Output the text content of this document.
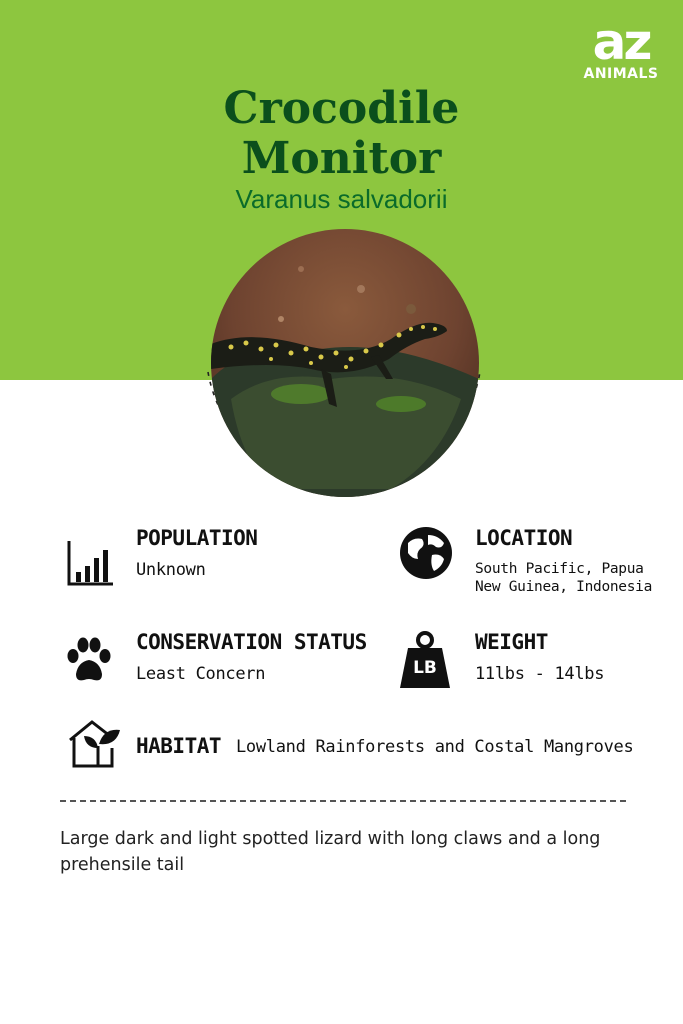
az
ANIMALS
Crocodile
Monitor
Varanus salvadorii
POPULATION
Unknown
LOCATION
South Pacific, Papua
New Guinea, Indonesia
CONSERVATION STATUS
Least Concern	LB
WEIGHT
11lbs - 14lbs
HABITAT Lowland Rainforests and Costal Mangroves

Large dark and light spotted lizard with long claws and a long prehensile tail
